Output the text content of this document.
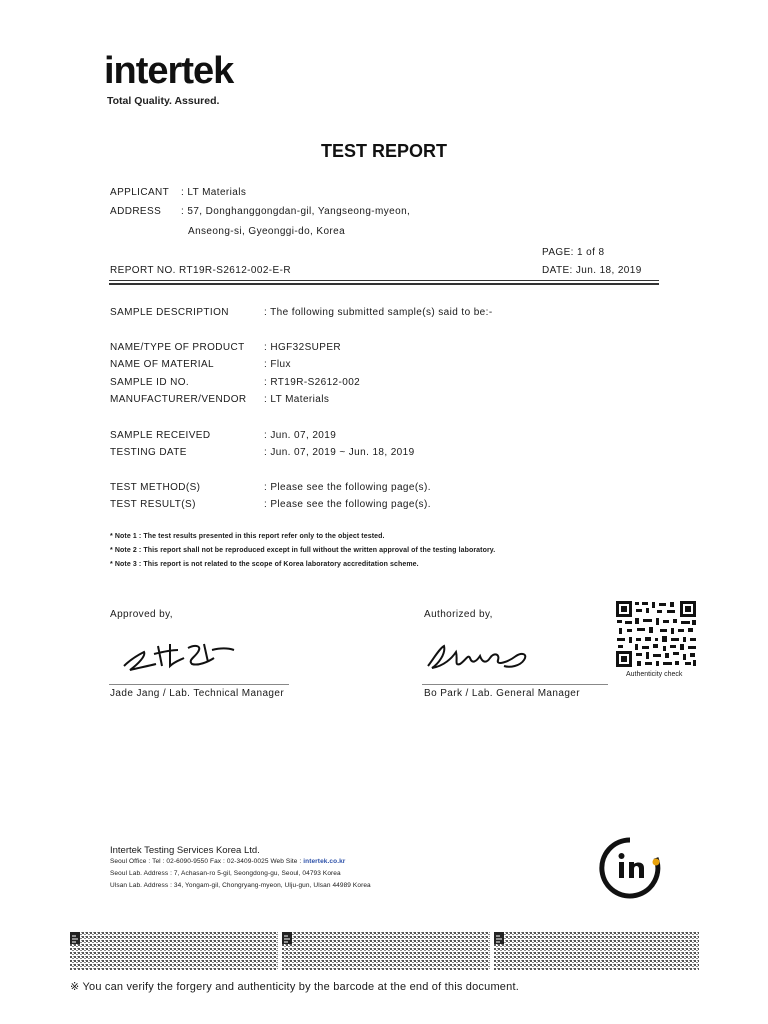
intertek
Total Quality. Assured.
TEST REPORT
APPLICANT : LT Materials
ADDRESS : 57, Donghanggongdan-gil, Yangseong-myeon,
Anseong-si, Gyeonggi-do, Korea
PAGE: 1 of 8
REPORT NO. RT19R-S2612-002-E-R	DATE: Jun. 18, 2019
SAMPLE DESCRIPTION	: The following submitted sample(s) said to be:-
NAME/TYPE OF PRODUCT : HGF32SUPER
NAME OF MATERIAL	: Flux
SAMPLE ID NO.	: RT19R-S2612-002
MANUFACTURER/VENDOR : LT Materials
SAMPLE RECEIVED	: Jun. 07, 2019
TESTING DATE	: Jun. 07, 2019 ~ Jun. 18, 2019
TEST METHOD(S)	: Please see the following page(s).
TEST RESULT(S)	: Please see the following page(s).
* Note 1 : The test results presented in this report refer only to the object tested.
* Note 2 : This report shall not be reproduced except in full without the written approval of the testing laboratory.
* Note 3 : This report is not related to the scope of Korea laboratory accreditation scheme.
Approved by,	Authorized by,
Jade Jang / Lab. Technical Manager	Bo Park / Lab. General Manager
Authenticity check
Intertek Testing Services Korea Ltd.
Seoul Office : Tel : 02-6090-9550 Fax : 02-3409-0025 Web Site : intertek.co.kr
Seoul Lab. Address : 7, Achasan-ro 5-gil, Seongdong-gu, Seoul, 04793 Korea
Ulsan Lab. Address : 34, Yongam-gil, Chongryang-myeon, Ulju-gun, Ulsan 44989 Korea
※ You can verify the forgery and authenticity by the barcode at the end of this document.
